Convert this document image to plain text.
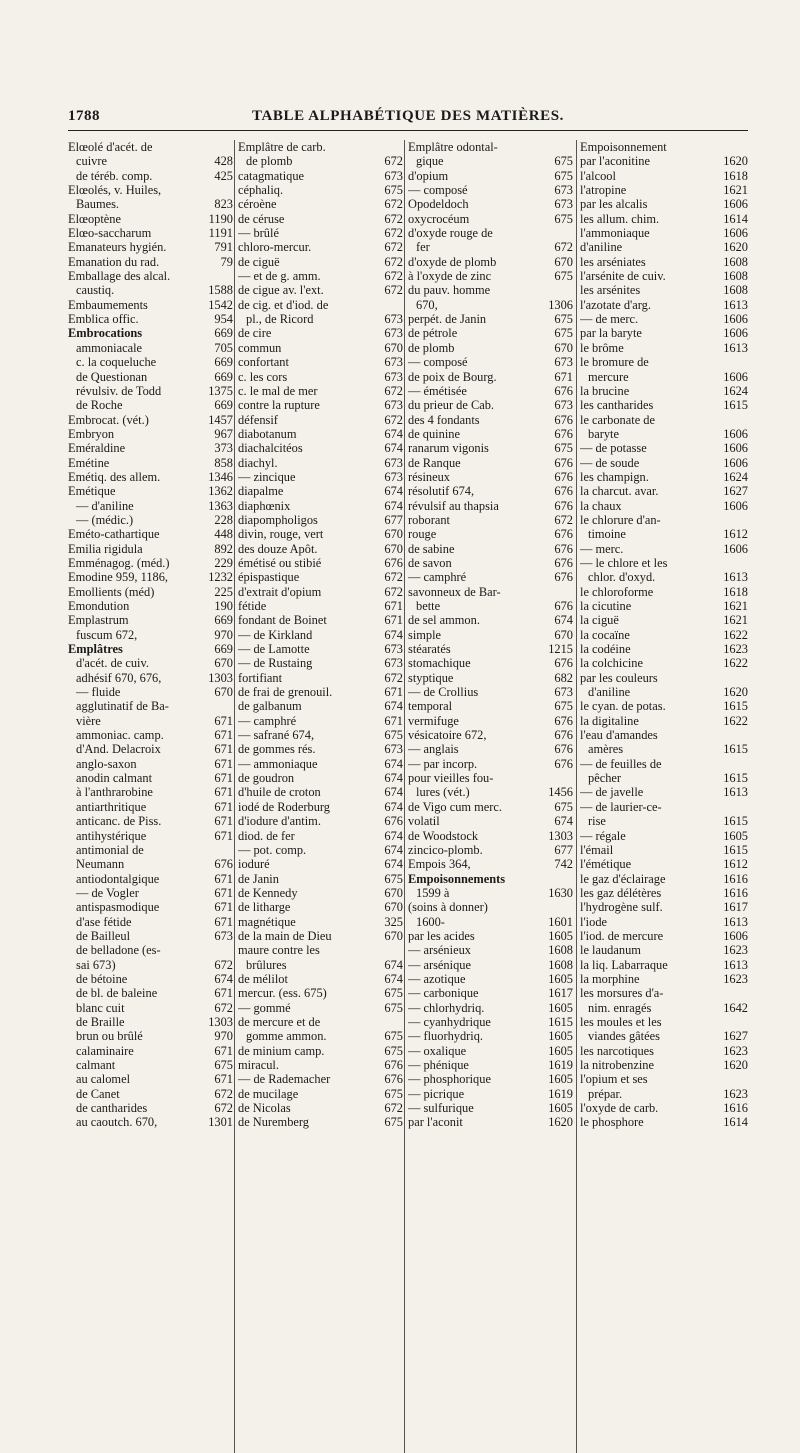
1788	TABLE ALPHABÉTIQUE DES MATIÈRES.
Elœolé d'acét. de
cuivre	428
de téréb. comp.	425
Elœolés, v. Huiles,
Baumes.	823
Elœoptène	1190
Elœo-saccharum	1191
Emanateurs hygién.	791
Emanation du rad.	79
Emballage des alcal.
caustiq.	1588
Embaumements	1542
Emblica offic.	954
Embrocations	669
ammoniacale	705
c. la coqueluche	669
de Questionan	669
révulsiv. de Todd	1375
de Roche	669
Embrocat. (vét.)	1457
Embryon	967
Eméraldine	373
Emétine	858
Emétiq. des allem.	1346
Emétique	1362
— d'aniline	1363
— (médic.)	228
Eméto-cathartique	448
Emilia rigidula	892
Emménagog. (méd.)	229
Emodine 959, 1186,	1232
Emollients (méd)	225
Emondution	190
Emplastrum	669
fuscum 672,	970
Emplâtres	669
d'acét. de cuiv.	670
adhésif 670, 676,	1303
— fluide	670
agglutinatif de Ba-
vière	671
ammoniac. camp.	671
d'And. Delacroix	671
anglo-saxon	671
anodin calmant	671
à l'anthrarobine	671
antiarthritique	671
anticanc. de Piss.	671
antihystérique	671
antimonial de
Neumann	676
antiodontalgique	671
— de Vogler	671
antispasmodique	671
d'ase fétide	671
de Bailleul	673
de belladone (es-
sai 673)	672
de bétoine	674
de bl. de baleine	671
blanc cuit	672
de Braille	1303
brun ou brûlé	970
calaminaire	671
calmant	675
au calomel	671
de Canet	672
de cantharides	672
au caoutch. 670,	1301
Emplâtre de carb.
de plomb	672
catagmatique	673
céphaliq.	675
céroène	672
de céruse	672
— brûlé	672
chloro-mercur.	672
de ciguë	672
— et de g. amm.	672
de cigue av. l'ext.	672
de cig. et d'iod. de
pl., de Ricord	673
de cire	673
commun	670
confortant	673
c. les cors	673
c. le mal de mer	672
contre la rupture	673
défensif	672
diabotanum	674
diachalcitéos	674
diachyl.	673
— zincique	673
diapalme	674
diaphœnix	674
diapompholigos	677
divin, rouge, vert	670
des douze Apôt.	670
émétisé ou stibié	676
épispastique	672
d'extrait d'opium	672
fétide	671
fondant de Boinet	671
— de Kirkland	674
— de Lamotte	673
— de Rustaing	673
fortifiant	672
de frai de grenouil.	671
de galbanum	674
— camphré	671
— safrané 674,	675
de gommes rés.	673
— ammoniaque	674
de goudron	674
d'huile de croton	674
iodé de Roderburg	674
d'iodure d'antim.	676
diod. de fer	674
— pot. comp.	674
ioduré	674
de Janin	675
de Kennedy	670
de litharge	670
magnétique	325
de la main de Dieu	670
maure contre les
brûlures	674
de mélilot	674
mercur. (ess. 675)	675
— gommé	675
de mercure et de
gomme ammon.	675
de minium camp.	675
miracul.	676
— de Rademacher	676
de mucilage	675
de Nicolas	672
de Nuremberg	675
Emplâtre odontal-
gique	675
d'opium	675
— composé	673
Opodeldoch	673
oxycrocéum	675
d'oxyde rouge de
fer	672
d'oxyde de plomb	670
à l'oxyde de zinc	675
du pauv. homme
670,	1306
perpét. de Janin	675
de pétrole	675
de plomb	670
— composé	673
de poix de Bourg.	671
— émétisée	676
du prieur de Cab.	673
des 4 fondants	676
de quinine	676
ranarum vigonis	675
de Ranque	676
résineux	676
résolutif 674,	676
révulsif au thapsia	676
roborant	672
rouge	676
de sabine	676
de savon	676
— camphré	676
savonneux de Bar-
bette	676
de sel ammon.	674
simple	670
stéaratés	1215
stomachique	676
styptique	682
— de Crollius	673
temporal	675
vermifuge	676
vésicatoire 672,	676
— anglais	676
— par incorp.	676
pour vieilles fou-
lures (vét.)	1456
de Vigo cum merc.	675
volatil	674
de Woodstock	1303
zincico-plomb.	677
Empois 364,	742
Empoisonnements
1599 à	1630
(soins à donner)
1600-	1601
par les acides	1605
— arsénieux	1608
— arsénique	1608
— azotique	1605
— carbonique	1617
— chlorhydriq.	1605
— cyanhydrique	1615
— fluorhydriq.	1605
— oxalique	1605
— phénique	1619
— phosphorique	1605
— picrique	1619
— sulfurique	1605
par l'aconit	1620
Empoisonnement
par l'aconitine	1620
l'alcool	1618
l'atropine	1621
par les alcalis	1606
les allum. chim.	1614
l'ammoniaque	1606
d'aniline	1620
les arséniates	1608
l'arsénite de cuiv.	1608
les arsénites	1608
l'azotate d'arg.	1613
— de merc.	1606
par la baryte	1606
le brôme	1613
le bromure de
mercure	1606
la brucine	1624
les cantharides	1615
le carbonate de
baryte	1606
— de potasse	1606
— de soude	1606
les champign.	1624
la charcut. avar.	1627
la chaux	1606
le chlorure d'an-
timoine	1612
— merc.	1606
— le chlore et les
chlor. d'oxyd.	1613
le chloroforme	1618
la cicutine	1621
la ciguë	1621
la cocaïne	1622
la codéine	1623
la colchicine	1622
par les couleurs
d'aniline	1620
le cyan. de potas.	1615
la digitaline	1622
l'eau d'amandes
amères	1615
— de feuilles de
pêcher	1615
— de javelle	1613
— de laurier-ce-
rise	1615
— régale	1605
l'émail	1615
l'émétique	1612
le gaz d'éclairage	1616
les gaz délétères	1616
l'hydrogène sulf.	1617
l'iode	1613
l'iod. de mercure	1606
le laudanum	1623
la liq. Labarraque	1613
la morphine	1623
les morsures d'a-
nim. enragés	1642
les moules et les
viandes gâtées	1627
les narcotiques	1623
la nitrobenzine	1620
l'opium et ses
prépar.	1623
l'oxyde de carb.	1616
le phosphore	1614
